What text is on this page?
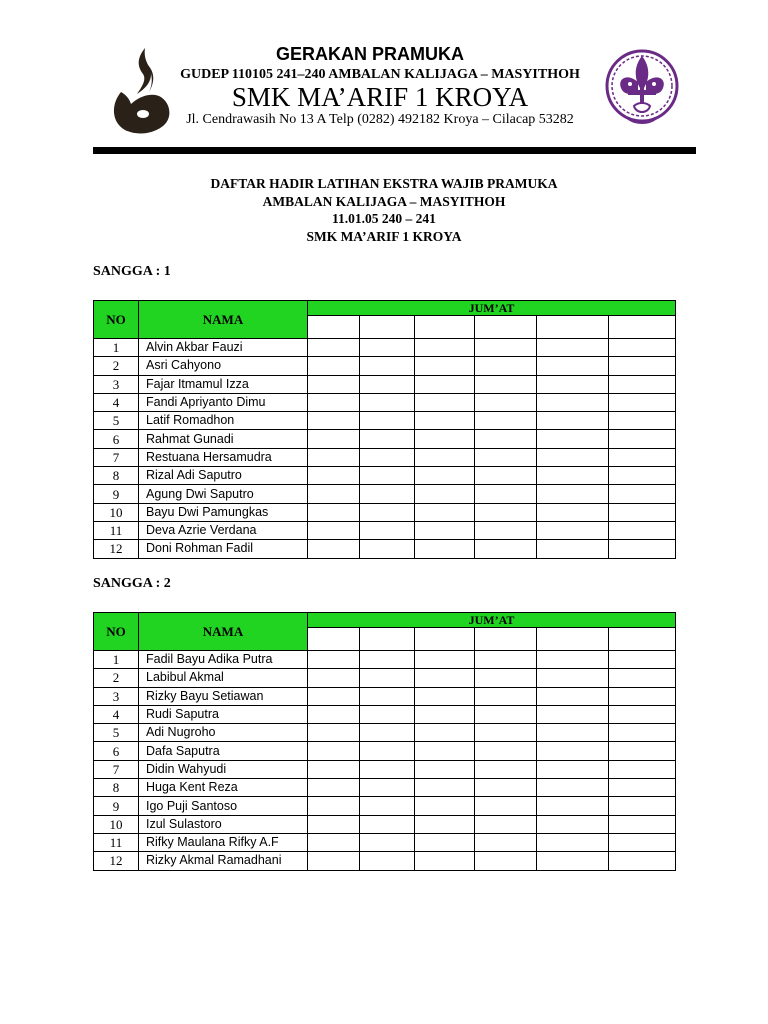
GERAKAN PRAMUKA
GUDEP 110105 241–240 AMBALAN KALIJAGA – MASYITHOH
SMK MA’ARIF 1 KROYA
Jl. Cendrawasih No 13 A Telp (0282) 492182 Kroya – Cilacap 53282
DAFTAR HADIR LATIHAN EKSTRA WAJIB PRAMUKA
AMBALAN KALIJAGA – MASYITHOH
11.01.05 240 – 241
SMK MA’ARIF 1 KROYA
SANGGA : 1
NO	NAMA	JUM’AT					

1	Alvin Akbar Fauzi						
2	Asri Cahyono						
3	Fajar Itmamul Izza						
4	Fandi Apriyanto Dimu						
5	Latif Romadhon						
6	Rahmat Gunadi						
7	Restuana Hersamudra						
8	Rizal Adi Saputro						
9	Agung Dwi Saputro						
10	Bayu Dwi Pamungkas						
11	Deva Azrie Verdana						
12	Doni Rohman Fadil						
SANGGA : 2
NO	NAMA	JUM’AT					

1	Fadil Bayu Adika Putra						
2	Labibul Akmal						
3	Rizky Bayu Setiawan						
4	Rudi Saputra						
5	Adi Nugroho						
6	Dafa Saputra						
7	Didin Wahyudi						
8	Huga Kent Reza						
9	Igo Puji Santoso						
10	Izul Sulastoro						
11	Rifky Maulana Rifky A.F						
12	Rizky Akmal Ramadhani						
